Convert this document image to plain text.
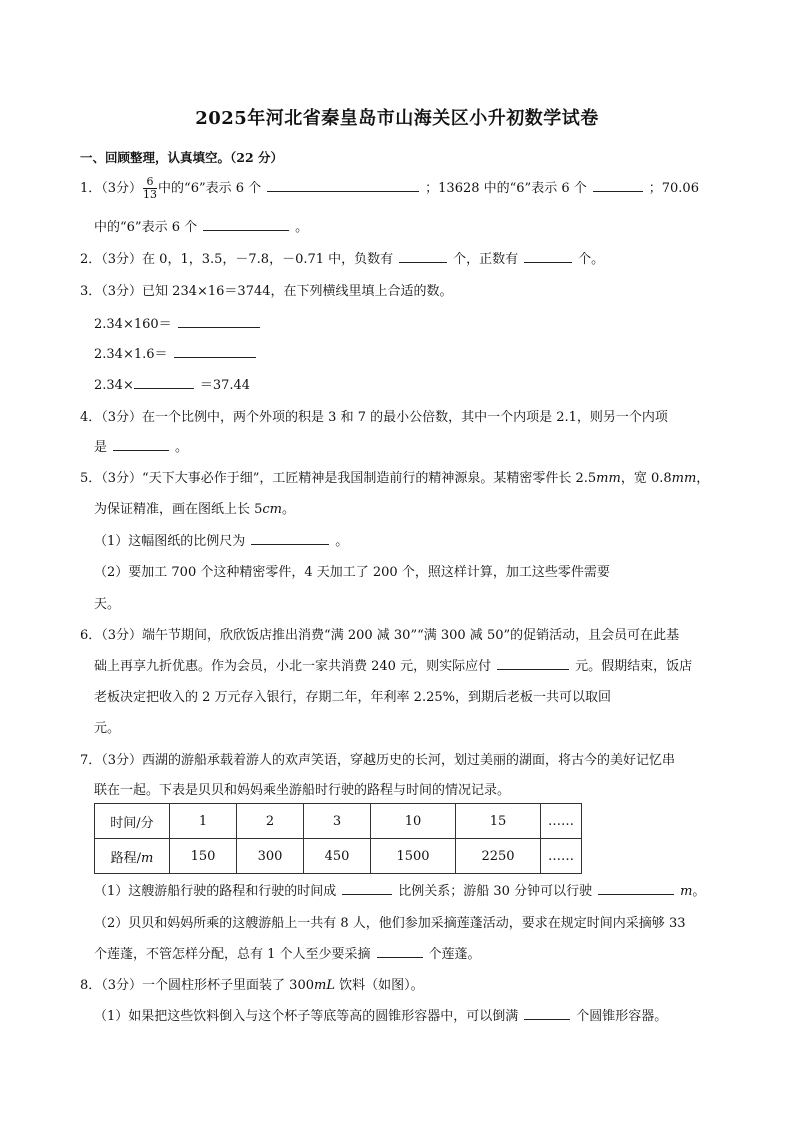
2025年河北省秦皇岛市山海关区小升初数学试卷
一、回顾整理，认真填空。（22 分）
1．（3分） $\frac{6}{13}$ 中的“6”表示 6 个	；13628 中的“6”表示 6 个	；70.06
中的“6”表示 6 个	。
2．（3分）在 0，1，3.5，－7.8，－0.71 中，负数有	个，正数有	个。
3．（3分）已知 234×16＝3744，在下列横线里填上合适的数。
2.34×160＝
2.34×1.6＝
2.34×	＝37.44
4．（3分）在一个比例中，两个外项的积是 3 和 7 的最小公倍数，其中一个内项是 2.1，则另一个内项
是	。
5．（3分）“天下大事必作于细”，工匠精神是我国制造前行的精神源泉。某精密零件长 2.5mm，宽 0.8mm，
为保证精准，画在图纸上长 5cm。
（1）这幅图纸的比例尺为	。
（2）要加工 700 个这种精密零件，4 天加工了 200 个，照这样计算，加工这些零件需要
天。
6．（3分）端午节期间，欣欣饭店推出消费“满 200 减 30”“满 300 减 50”的促销活动，且会员可在此基
础上再享九折优惠。作为会员，小北一家共消费 240 元，则实际应付	元。假期结束，饭店
老板决定把收入的 2 万元存入银行，存期二年，年利率 2.25%，到期后老板一共可以取回
元。
7．（3分）西湖的游船承载着游人的欢声笑语，穿越历史的长河，划过美丽的湖面，将古今的美好记忆串
联在一起。下表是贝贝和妈妈乘坐游船时行驶的路程与时间的情况记录。
时间/分	1	2	3	10	15	……
路程/m	150	300	450	1500	2250	……
（1）这艘游船行驶的路程和行驶的时间成	比例关系；游船 30 分钟可以行驶	m。
（2）贝贝和妈妈所乘的这艘游船上一共有 8 人，他们参加采摘莲蓬活动，要求在规定时间内采摘够 33
个莲蓬，不管怎样分配，总有 1 个人至少要采摘	个莲蓬。
8．（3分）一个圆柱形杯子里面装了 300mL 饮料（如图）。
（1）如果把这些饮料倒入与这个杯子等底等高的圆锥形容器中，可以倒满	个圆锥形容器。
